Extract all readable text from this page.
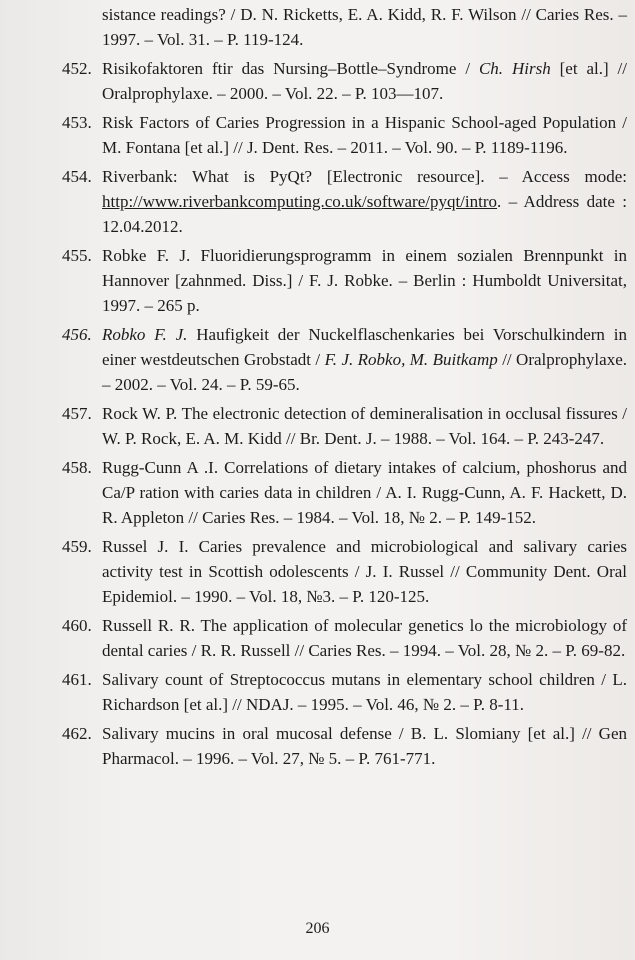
sistance readings? / D. N. Ricketts, E. A. Kidd, R. F. Wilson // Caries Res. – 1997. – Vol. 31. – P. 119-124.
452. Risikofaktoren ftir das Nursing–Bottle–Syndrome / Ch. Hirsh [et al.] // Oralprophylaxe. – 2000. – Vol. 22. – P. 103—107.
453. Risk Factors of Caries Progression in a Hispanic School-aged Population / M. Fontana [et al.] // J. Dent. Res. – 2011. – Vol. 90. – P. 1189-1196.
454. Riverbank: What is PyQt? [Electronic resource]. – Access mode: http://www.riverbankcomputing.co.uk/software/pyqt/intro. – Address date : 12.04.2012.
455. Robke F. J. Fluoridierungsprogramm in einem sozialen Brennpunkt in Hannover [zahnmed. Diss.] / F. J. Robke. – Berlin : Humboldt Universitat, 1997. – 265 p.
456. Robko F. J. Haufigkeit der Nuckelflaschenkaries bei Vorschulkindern in einer westdeutschen Grobstadt / F. J. Robko, M. Buitkamp // Oralprophylaxe. – 2002. – Vol. 24. – P. 59-65.
457. Rock W. P. The electronic detection of demineralisation in occlusal fissures / W. P. Rock, E. A. M. Kidd // Br. Dent. J. – 1988. – Vol. 164. – P. 243-247.
458. Rugg-Cunn A .I. Correlations of dietary intakes of calcium, phoshorus and Ca/P ration with caries data in children / A. I. Rugg-Cunn, A. F. Hackett, D. R. Appleton // Caries Res. – 1984. – Vol. 18, № 2. – P. 149-152.
459. Russel J. I. Caries prevalence and microbiological and salivary caries activity test in Scottish odolescents / J. I. Russel // Community Dent. Oral Epidemiol. – 1990. – Vol. 18, №3. – P. 120-125.
460. Russell R. R. The application of molecular genetics lo the microbiology of dental caries / R. R. Russell // Caries Res. – 1994. – Vol. 28, № 2. – P. 69-82.
461. Salivary count of Streptococcus mutans in elementary school children / L. Richardson [et al.] // NDAJ. – 1995. – Vol. 46, № 2. – P. 8-11.
462. Salivary mucins in oral mucosal defense / B. L. Slomiany [et al.] // Gen Pharmacol. – 1996. – Vol. 27, № 5. – P. 761-771.
206
